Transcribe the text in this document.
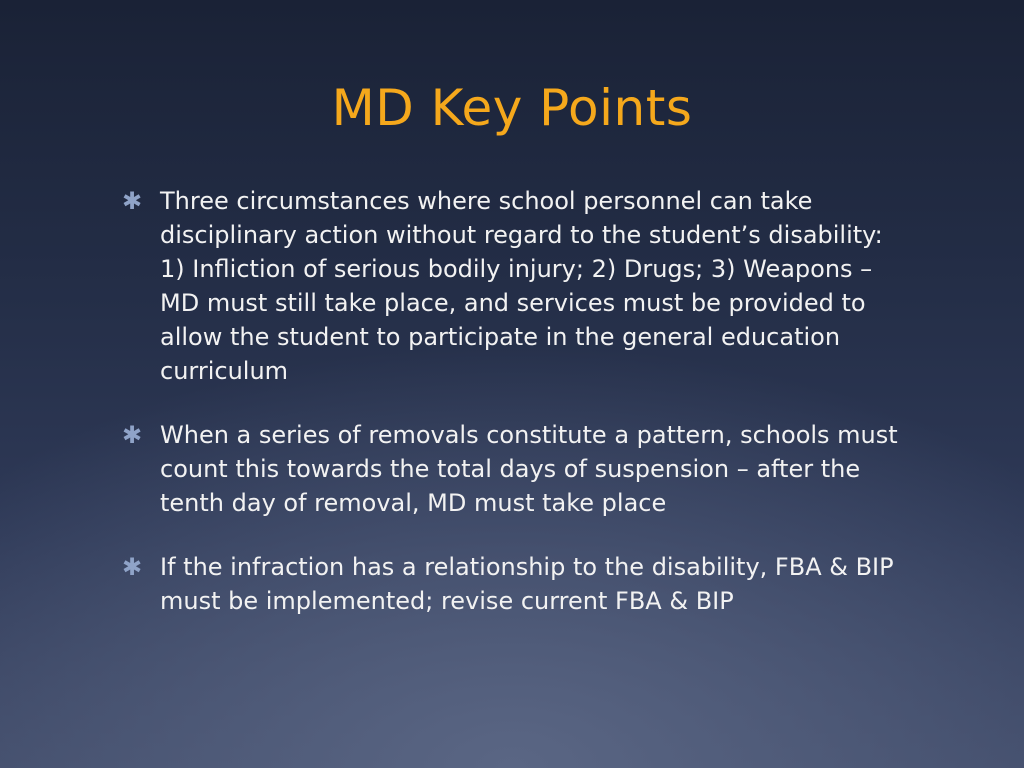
MD Key Points
✱ Three circumstances where school personnel can take disciplinary action without regard to the student’s disability: 1) Infliction of serious bodily injury; 2) Drugs; 3) Weapons – MD must still take place, and services must be provided to allow the student to participate in the general education curriculum
✱ When a series of removals constitute a pattern, schools must count this towards the total days of suspension – after the tenth day of removal, MD must take place
✱ If the infraction has a relationship to the disability, FBA & BIP must be implemented; revise current FBA & BIP
